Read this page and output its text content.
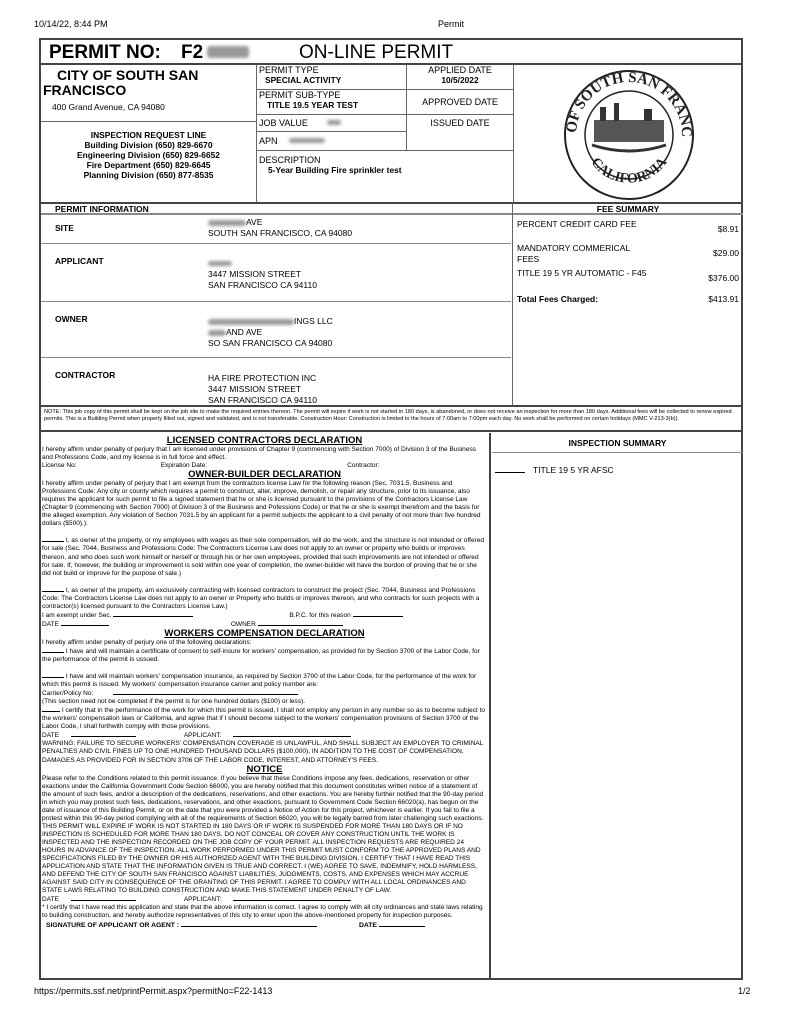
10/14/22, 8:44 PM	Permit
PERMIT NO: F2	ON-LINE PERMIT
CITY OF SOUTH SAN FRANCISCO
400 Grand Avenue, CA 94080
INSPECTION REQUEST LINE
Building Division (650) 829-6670
Engineering Division (650) 829-6652
Fire Department (650) 829-6645
Planning Division (650) 877-8535
PERMIT TYPE
SPECIAL ACTIVITY
PERMIT SUB-TYPE
TITLE 19.5 YEAR TEST
JOB VALUE
APN
DESCRIPTION
5-Year Building Fire sprinkler test
APPLIED DATE
10/5/2022
APPROVED DATE
ISSUED DATE	OF SOUTH SAN FRANC
CALIFORNIA
PERMIT INFORMATION
SITE
AVE
SOUTH SAN FRANCISCO, CA 94080
APPLICANT
3447 MISSION STREET
SAN FRANCISCO CA 94110
OWNER	INGS LLC
AND AVE
SO SAN FRANCISCO CA 94080
CONTRACTOR	HA FIRE PROTECTION INC
3447 MISSION STREET
SAN FRANCISCO CA 94110
FEE SUMMARY
PERCENT CREDIT CARD FEE	$8.91
MANDATORY COMMERICAL FEES
$29.00
TITLE 19 5 YR AUTOMATIC - F45	$376.00
Total Fees Charged:	$413.91
NOTE: This job copy of this permit shall be kept on the job site to make the required entries thereon. The permit will expire if work is not started in 180 days, is abandoned, or does not receive an inspection for more than 180 days. Additional fees will be collected to renew expired permits. This is a Building Permit when properly filled out, signed and validated, and is not transferable. Construction Hour: Construction is limited to the hours of 7:00am to 7:00pm each day. No work shall be performed on certain holidays (MMC V-213-3(b)).
LICENSED CONTRACTORS DECLARATION

I hereby affirm under penalty of perjury that I am licensed under provisions of Chapter 9 (commencing with Section 7000) of Division 3 of the Business and Professions Code, and my license is in full force and effect.

License No:	Expiration Date:	Contractor:

OWNER-BUILDER DECLARATION

I hereby affirm under penalty of perjury that I am exempt from the contractors license Law for the following reason (Sec. 7031.5, Business and Professions Code: Any city or county which requires a permit to construct, alter, improve, demolish, or repair any structure, prior to its issuance, also requires the applicant for such permit to file a signed statement that he or she is licensed pursuant to the provisions of the Contractors License Law (Chapter 9 (commencing with Section 7000) of Division 3 of the Business and Pofessions Code) or that he or she is exempt therefrom and the basis for the alleged exemption. Any violation of Section 7031.5 by an applicant for a permit subjects the applicant to a civil penalty of not more than five hundred dollars ($500).):

I, as owner of the property, or my employees with wages as their sole compensation, will do the work, and the structure is not intended or offered for sale (Sec. 7044, Business and Professions Code: The Contractors License Law does not apply to an owner or property who builds or improves thereon, and who does such work himself or herself or through his or her own employees, provided that such improvements are not intended or offered for sale. If, however, the building or improvement is sold within one year of completion, the owner-builder will have the burdon of proving that he or she did not build or improve for the purpose of sale.)

I, as owner of the property, am exclusively contracting with licensed contractors to construct the project (Sec. 7044, Business and Professions Code: The Contractors License Law does not apply to an owner or Property who builds or improves thereon, and who contracts for such projects with a contractor(s) licensed pursuant to the Contractors License Law.)

I am exempt under Sec.	B.P.C. for this reason

DATE	OWNER

WORKERS COMPENSATION DECLARATION

I hereby affirm under penalty of perjury one of the following declarations:

I have and will maintain a certificate of consent to self-insure for workers' compensation, as provided for by Section 3700 of the Labor Code, for the performance of the permit is ussued.

I have and will maintain workers' compensation insurance, as required by Section 3700 of the Labor Code, for the performance of the work for which this permit is issued. My workers' compensation insurance carrier and policy number are:

Carrier/Policy No:

(This section need not be completed if the permit is for one hundred dollars ($100) or less).

I certify that in the performance of the work for which this permit is issued, I shall not employ any person in any number so as to become subject to the workers' compensation laws or California, and agree that if I should become subject to the workers' compensation provisions of Section 3700 of the Labor Code, I shall forthwith comply with those provisions.

DATE	APPLICANT:

WARNING: FAILURE TO SECURE WORKERS' COMPENSATION COVERAGE IS UNLAWFUL, AND SHALL SUBJECT AN EMPLOYER TO CRIMINAL PENALTIES AND CIVIL FINES UP TO ONE HUNDRED THOUSAND DOLLARS ($100,000), IN ADDITION TO THE COST OF COMPENSATION, DAMAGES AS PROVIDED FOR IN SECTION 3706 OF THE LABOR CODE, INTEREST, AND ATTORNEY'S FEES.

NOTICE

Please refer to the Conditions related to this permit issuance. If you believe that these Conditions impose any fees, dedications, reservation or other exactions under the California Government Code Section 66000, you are hereby notified that this document constitutes written notice of a statement of the amount of such fees, and/or a description of the dedications, reservations, and other exactions. You are hereby further notified that the 90-day period in which you may protest such fees, dedications, reservations, and other exactions, pursuant to Government Code Section 66020(a), has begun on the date of issuance of this Building Permit, or on the date that you were provided a Notice of Action for this project, whichever is earlier. If you fail to file a protest within this 90-day period complying with all of the requirements of Section 66020, you will be legally barred from later challenging such exactions. THIS PERMIT WILL EXPIRE IF WORK IS NOT STARTED IN 180 DAYS OR IF WORK IS SUSPENDED FOR MORE THAN 180 DAYS OR IF NO INSPECTION IS SCHEDULED FOR MORE THAN 180 DAYS. DO NOT CONCEAL OR COVER ANY CONSTRUCTION UNTIL THE WORK IS INSPECTED AND THE INSPECTION RECORDED ON THE JOB COPY OF YOUR PERMIT. ALL INSPECTION REQUESTS ARE REQUIRED 24 HOURS IN ADVANCE OF THE INSPECTION. ALL WORK PERFORMED UNDER THIS PERMIT MUST CONFORM TO THE APPROVED PLANS AND SPECIFICATIONS FILED BY THE OWNER OR HIS AUTHORIZED AGENT WITH THE BUILDING DIVISION. I CERTIFY THAT I HAVE READ THIS APPLICATION AND STATE THAT THE INFORMATION GIVEN IS TRUE AND CORRECT. I (WE) AGREE TO SAVE, INDEMNIFY, HOLD HARMLESS, AND DEFEND THE CITY OF SOUTH SAN FRANCISCO AGAINST LIABILITIES, JUDGMENTS, COSTS, AND EXPENSES WHICH MAY ACCRUE AGAINST SAID CITY IN CONSEQUENCE OF THE GRANTING OF THIS PERMIT. I AGREE TO COMPLY WITH ALL LOCAL ORDINANCES AND STATE LAWS RELATING TO BUILDING CONSTRUCTION AND MAKE THIS STATEMENT UNDER PENALTY OF LAW.

DATE	APPLICANT:

* I certify that I have read this application and state that the above information is correct. I agree to comply with all city ordinances and state laws relating to building construction, and hereby authorize representatives of this city to enter upon the above-mentioned property for inspection purposes.

SIGNATURE OF APPLICANT OR AGENT :	DATE

INSPECTION SUMMARY
TITLE 19 5 YR AFSC
https://permits.ssf.net/printPermit.aspx?permitNo=F22-1413	1/2
